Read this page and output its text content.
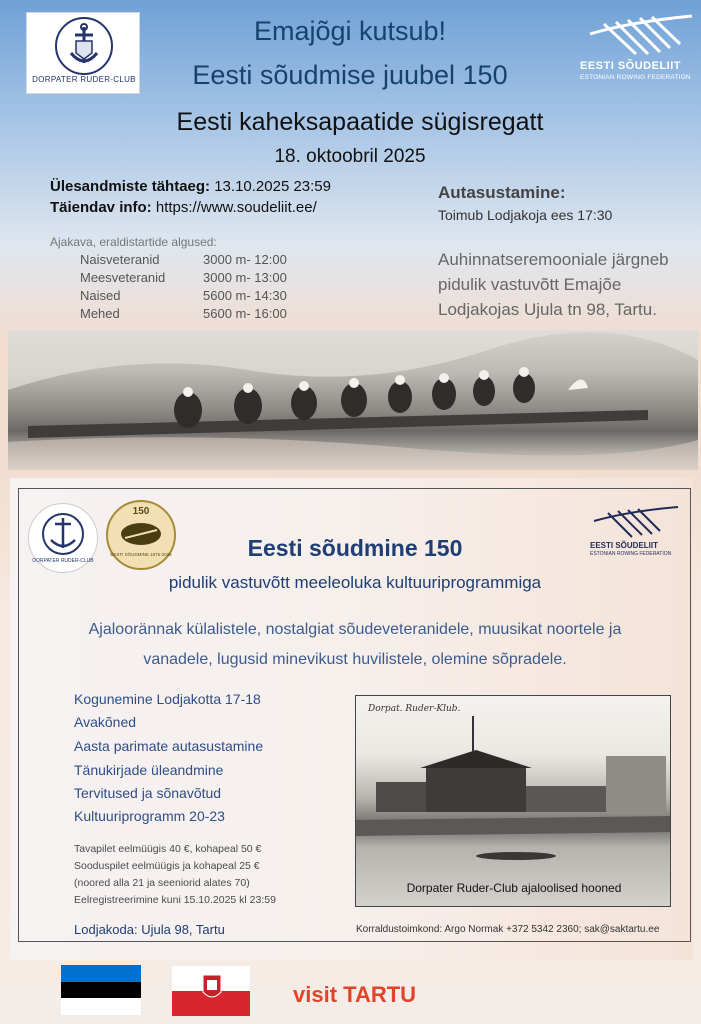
DORPATER RUDER-CLUB
EESTI SÕUDELIIT
ESTONIAN ROWING FEDERATION
Emajõgi kutsub!
Eesti sõudmise juubel 150
Eesti kaheksapaatide sügisregatt
18. oktoobril 2025
Ülesandmiste tähtaeg: 13.10.2025 23:59
Täiendav info: https://www.soudeliit.ee/
Ajakava, eraldistartide algused:
Naisveteranid	3000 m- 12:00
Meesveteranid	3000 m- 13:00
Naised	5600 m- 14:30
Mehed	5600 m- 16:00
Autasustamine:
Toimub Lodjakoja ees 17:30
Auhinnatseremooniale järgneb pidulik vastuvõtt Emajõe Lodjakojas Ujula tn 98, Tartu.
DORPATER RUDER-CLUB
150
EESTI SÕUDMINE 1875-2025
EESTI SÕUDELIIT
ESTONIAN ROWING FEDERATION
Eesti sõudmine 150
pidulik vastuvõtt meeleoluka kultuuriprogrammiga
Ajaloorännak külalistele, nostalgiat sõudeveteranidele, muusikat noortele ja vanadele, lugusid minevikust huvilistele, olemine sõpradele.
Kogunemine Lodjakotta 17-18
Avakõned
Aasta parimate autasustamine
Tänukirjade üleandmine
Tervitused ja sõnavõtud
Kultuuriprogramm 20-23
Tavapilet eelmüügis 40 €, kohapeal 50 €
Sooduspilet eelmüügis ja kohapeal 25 €
(noored alla 21 ja seeniorid alates 70)
Eelregistreerimine kuni 15.10.2025 kl 23:59
Lodjakoda: Ujula 98, Tartu	Korraldustoimkond: Argo Normak +372 5342 2360; sak@saktartu.ee
Dorpat. Ruder-Klub.
Dorpater Ruder-Club ajaloolised hooned
visit TARTU
